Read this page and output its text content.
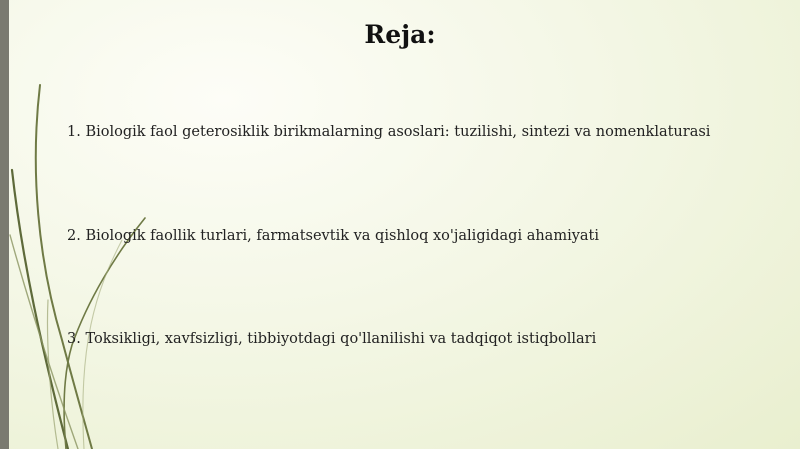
Reja:
1. Biologik faol geterosiklik birikmalarning asoslari: tuzilishi, sintezi va nomenklaturasi
2. Biologik faollik turlari, farmatsevtik va qishloq xo'jaligidagi ahamiyati
3. Toksikligi, xavfsizligi, tibbiyotdagi qo'llanilishi va tadqiqot istiqbollari
